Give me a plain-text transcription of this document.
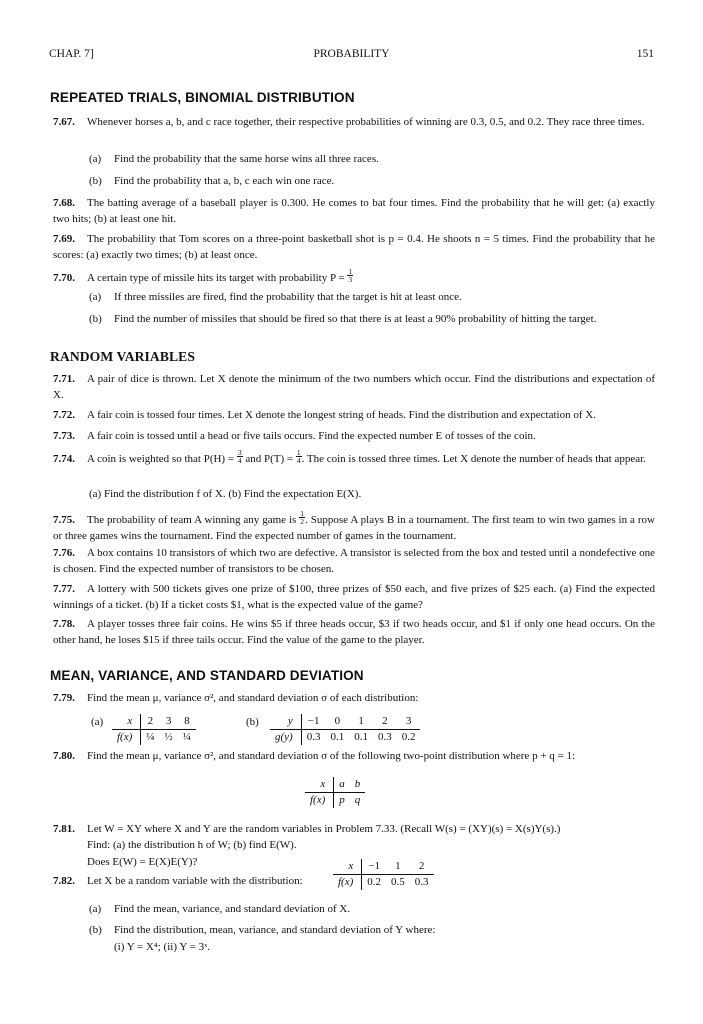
CHAP. 7]	PROBABILITY	151
REPEATED TRIALS, BINOMIAL DISTRIBUTION
7.67. Whenever horses a, b, and c race together, their respective probabilities of winning are 0.3, 0.5, and 0.2. They race three times.
(a) Find the probability that the same horse wins all three races.
(b) Find the probability that a, b, c each win one race.
7.68. The batting average of a baseball player is 0.300. He comes to bat four times. Find the probability that he will get: (a) exactly two hits; (b) at least one hit.
7.69. The probability that Tom scores on a three-point basketball shot is p = 0.4. He shoots n = 5 times. Find the probability that he scores: (a) exactly two times; (b) at least once.
7.70. A certain type of missile hits its target with probability $P = \frac{1}{3}$
(a) If three missiles are fired, find the probability that the target is hit at least once.
(b) Find the number of missiles that should be fired so that there is at least a 90% probability of hitting the target.
RANDOM VARIABLES
7.71. A pair of dice is thrown. Let X denote the minimum of the two numbers which occur. Find the distributions and expectation of X.
7.72. A fair coin is tossed four times. Let X denote the longest string of heads. Find the distribution and expectation of X.
7.73. A fair coin is tossed until a head or five tails occurs. Find the expected number E of tosses of the coin.
7.74. A coin is weighted so that $P(H) = \frac{3}{4}$ and $P(T) = \frac{1}{4}$ . The coin is tossed three times. Let X denote the number of heads that appear.
(a) Find the distribution f of X. (b) Find the expectation E(X).
7.75. The probability of team A winning any game is $\frac{1}{2}$ . Suppose A plays B in a tournament. The first team to win two games in a row or three games wins the tournament. Find the expected number of games in the tournament.
7.76. A box contains 10 transistors of which two are defective. A transistor is selected from the box and tested until a nondefective one is chosen. Find the expected number of transistors to be chosen.
7.77. A lottery with 500 tickets gives one prize of $100, three prizes of $50 each, and five prizes of $25 each. (a) Find the expected winnings of a ticket. (b) If a ticket costs $1, what is the expected value of the game?
7.78. A player tosses three fair coins. He wins $5 if three heads occur, $3 if two heads occur, and $1 if only one head occurs. On the other hand, he loses $15 if three tails occur. Find the value of the game to the player.
MEAN, VARIANCE, AND STANDARD DEVIATION
7.79. Find the mean μ, variance σ², and standard deviation σ of each distribution:
(a) x	2	3	8
f(x)	¼	½	¼
(b)	y	−1	0	1	2	3
g(y)	0.3	0.1	0.1	0.3	0.2
7.80. Find the mean μ, variance σ², and standard deviation σ of the following two-point distribution where p + q = 1:
x	a	b
f(x)	p	q
7.81. Let W = XY where X and Y are the random variables in Problem 7.33. (Recall W(s) = (XY)(s) = X(s)Y(s).)
Find: (a) the distribution h of W; (b) find E(W).
Does E(W) = E(X)E(Y)?
7.82. Let X be a random variable with the distribution:
x	−1	1	2
f(x)	0.2	0.5	0.3
(a) Find the mean, variance, and standard deviation of X.
(b) Find the distribution, mean, variance, and standard deviation of Y where:
(i) Y = X⁴; (ii) Y = 3ˣ.
